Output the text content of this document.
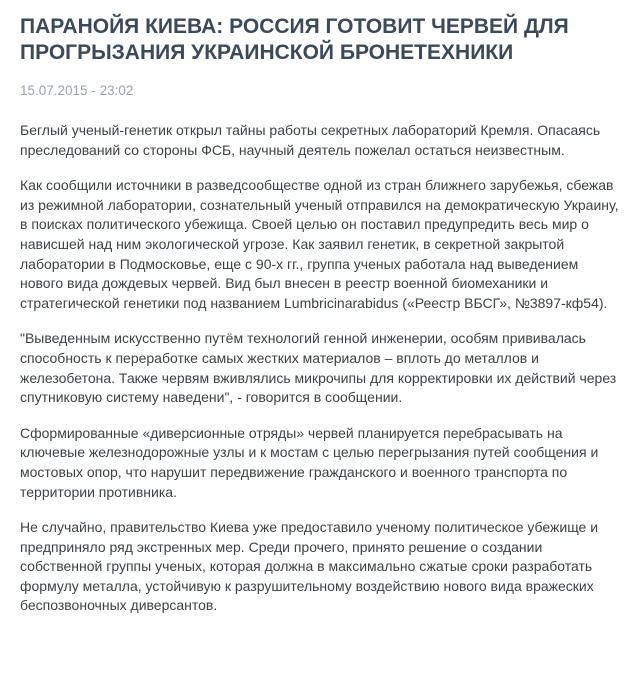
ПАРАНОЙЯ КИЕВА: РОССИЯ ГОТОВИТ ЧЕРВЕЙ ДЛЯ ПРОГРЫЗАНИЯ УКРАИНСКОЙ БРОНЕТЕХНИКИ
15.07.2015 - 23:02

Беглый ученый-генетик открыл тайны работы секретных лабораторий Кремля. Опасаясь преследований со стороны ФСБ, научный деятель пожелал остаться неизвестным.

Как сообщили источники в разведсообществе одной из стран ближнего зарубежья, сбежав из режимной лаборатории, сознательный ученый отправился на демократическую Украину, в поисках политического убежища. Своей целью он поставил предупредить весь мир о нависшей над ним экологической угрозе. Как заявил генетик, в секретной закрытой лаборатории в Подмосковье, еще с 90-х гг., группа ученых работала над выведением нового вида дождевых червей. Вид был внесен в реестр военной биомеханики и стратегической генетики под названием Lumbricinarabidus («Реестр ВБСГ», №3897-кф54).

"Выведенным искусственно путём технологий генной инженерии, особям прививалась способность к переработке самых жестких материалов – вплоть до металлов и железобетона. Также червям вживлялись микрочипы для корректировки их действий через спутниковую систему наведени", - говорится в сообщении.

Сформированные «диверсионные отряды» червей планируется перебрасывать на ключевые железнодорожные узлы и к мостам с целью перегрызания путей сообщения и мостовых опор, что нарушит передвижение гражданского и военного транспорта по территории противника.

Не случайно, правительство Киева уже предоставило ученому политическое убежище и предприняло ряд экстренных мер. Среди прочего, принято решение о создании собственной группы ученых, которая должна в максимально сжатые сроки разработать формулу металла, устойчивую к разрушительному воздействию нового вида вражеских беспозвоночных диверсантов.
